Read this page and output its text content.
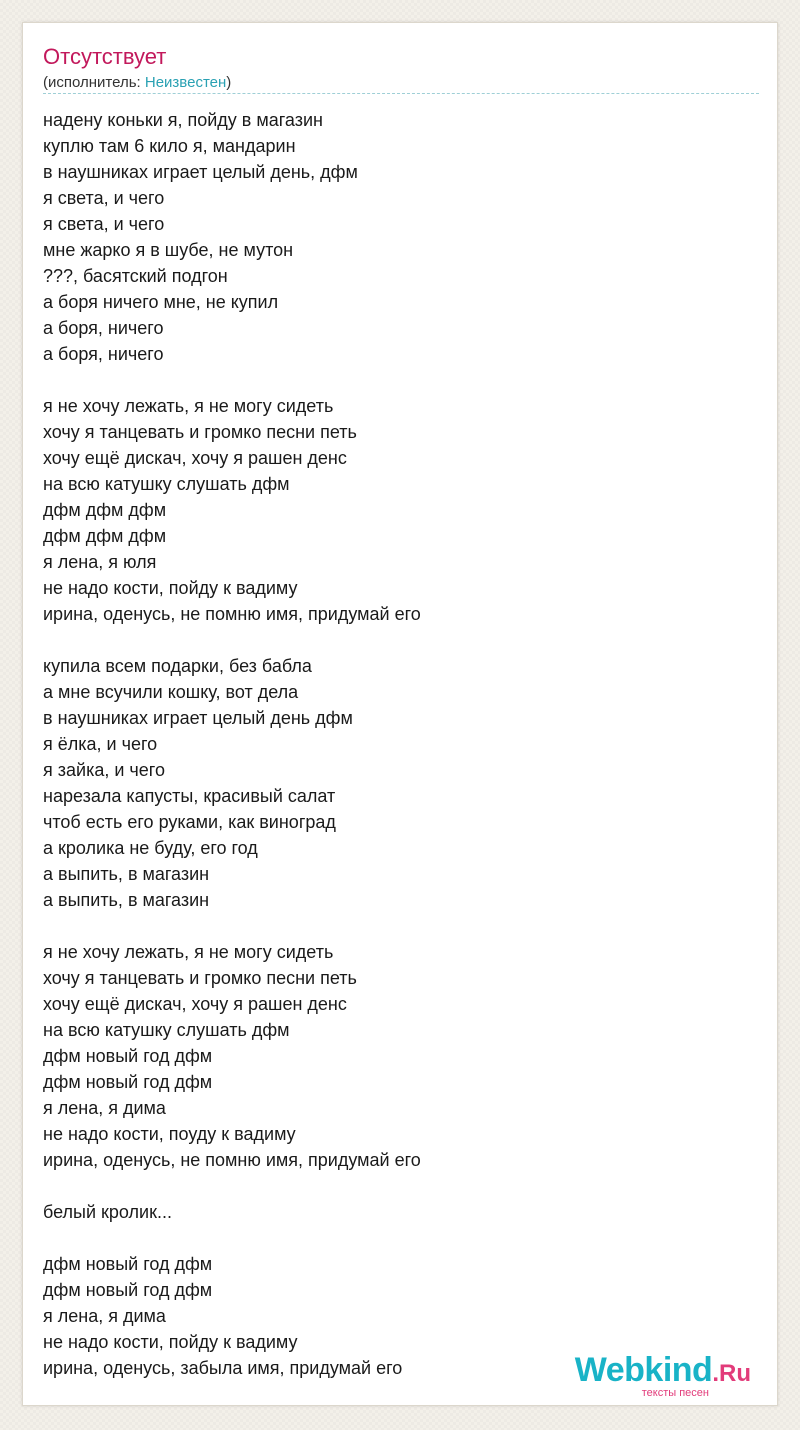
Отсутствует
(исполнитель: Неизвестен)
надену коньки я, пойду в магазин
куплю там 6 кило я, мандарин
в наушниках играет целый день, дфм
я света, и чего
я света, и чего
мне жарко я в шубе, не мутон
???, басятский подгон
а боря ничего мне, не купил
а боря, ничего
а боря, ничего
я не хочу лежать, я не могу сидеть
хочу я танцевать и громко песни петь
хочу ещё дискач, хочу я рашен денс
на всю катушку слушать дфм
дфм дфм дфм
дфм дфм дфм
я лена, я юля
не надо кости, пойду к вадиму
ирина, оденусь, не помню имя, придумай его
купила всем подарки, без бабла
а мне всучили кошку, вот дела
в наушниках играет целый день дфм
я ёлка, и чего
я зайка, и чего
нарезала капусты, красивый салат
чтоб есть его руками, как виноград
а кролика не буду, его год
а выпить, в магазин
а выпить, в магазин
я не хочу лежать, я не могу сидеть
хочу я танцевать и громко песни петь
хочу ещё дискач, хочу я рашен денс
на всю катушку слушать дфм
дфм новый год дфм
дфм новый год дфм
я лена, я дима
не надо кости, поуду к вадиму
ирина, оденусь, не помню имя, придумай его
белый кролик...
дфм новый год дфм
дфм новый год дфм
я лена, я дима
не надо кости, пойду к вадиму
ирина, оденусь, забыла имя, придумай его	Webkind.Ru
тексты песен
